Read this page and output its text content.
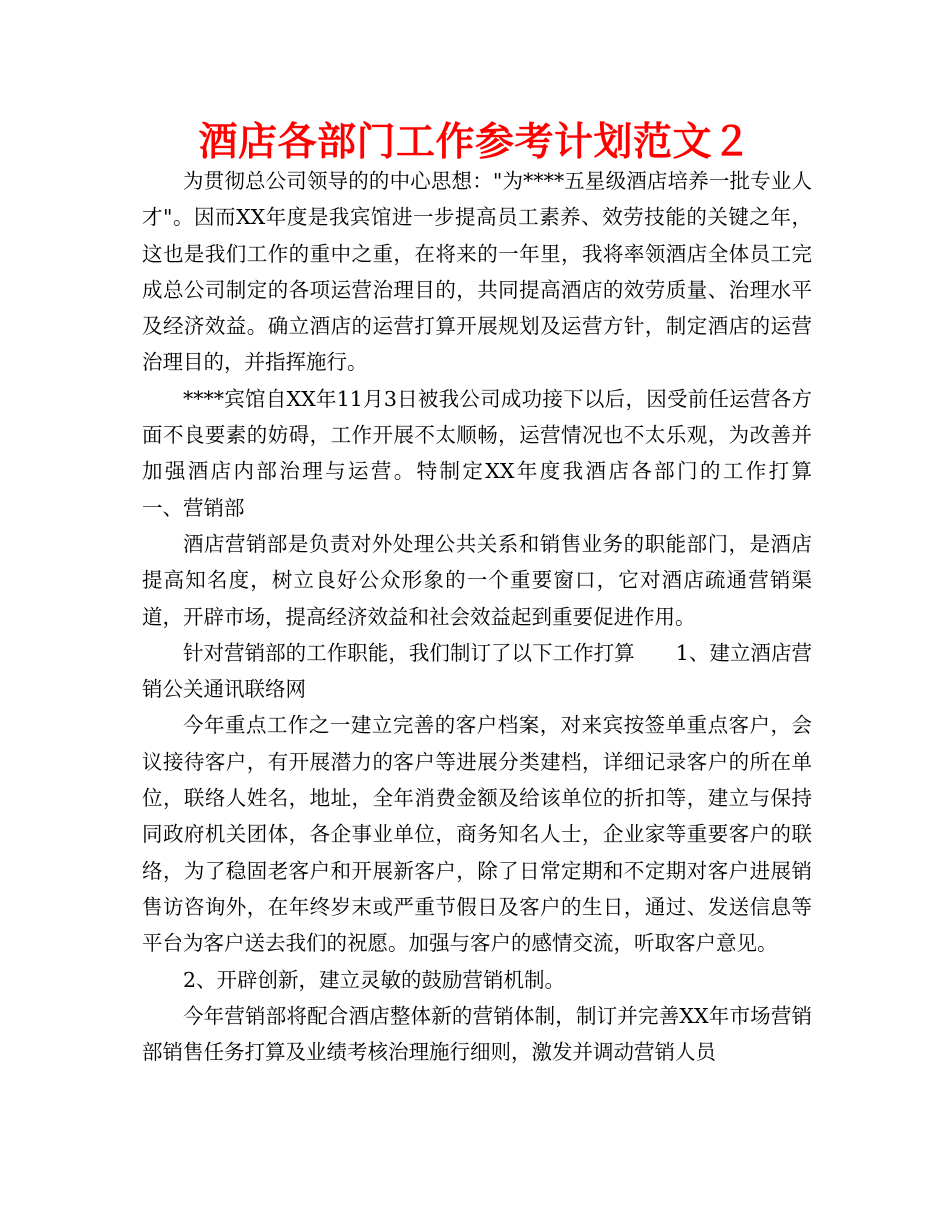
酒店各部门工作参考计划范文２

为贯彻总公司领导的的中心思想："为****五星级酒店培养一批专业人才"。因而XX年度是我宾馆进一步提高员工素养、效劳技能的关键之年，这也是我们工作的重中之重，在将来的一年里，我将率领酒店全体员工完成总公司制定的各项运营治理目的，共同提高酒店的效劳质量、治理水平及经济效益。确立酒店的运营打算开展规划及运营方针，制定酒店的运营治理目的，并指挥施行。

****宾馆自XX年11月3日被我公司成功接下以后，因受前任运营各方面不良要素的妨碍，工作开展不太顺畅，运营情况也不太乐观，为改善并加强酒店内部治理与运营。特制定XX年度我酒店各部门的工作打算　　一、营销部

酒店营销部是负责对外处理公共关系和销售业务的职能部门，是酒店提高知名度，树立良好公众形象的一个重要窗口，它对酒店疏通营销渠道，开辟市场，提高经济效益和社会效益起到重要促进作用。

针对营销部的工作职能，我们制订了以下工作打算　　1、建立酒店营销公关通讯联络网

今年重点工作之一建立完善的客户档案，对来宾按签单重点客户，会议接待客户，有开展潜力的客户等进展分类建档，详细记录客户的所在单位，联络人姓名，地址，全年消费金额及给该单位的折扣等，建立与保持同政府机关团体，各企事业单位，商务知名人士，企业家等重要客户的联络，为了稳固老客户和开展新客户，除了日常定期和不定期对客户进展销售访咨询外，在年终岁末或严重节假日及客户的生日，通过、发送信息等平台为客户送去我们的祝愿。加强与客户的感情交流，听取客户意见。

2、开辟创新，建立灵敏的鼓励营销机制。

今年营销部将配合酒店整体新的营销体制，制订并完善XX年市场营销部销售任务打算及业绩考核治理施行细则，激发并调动营销人员
